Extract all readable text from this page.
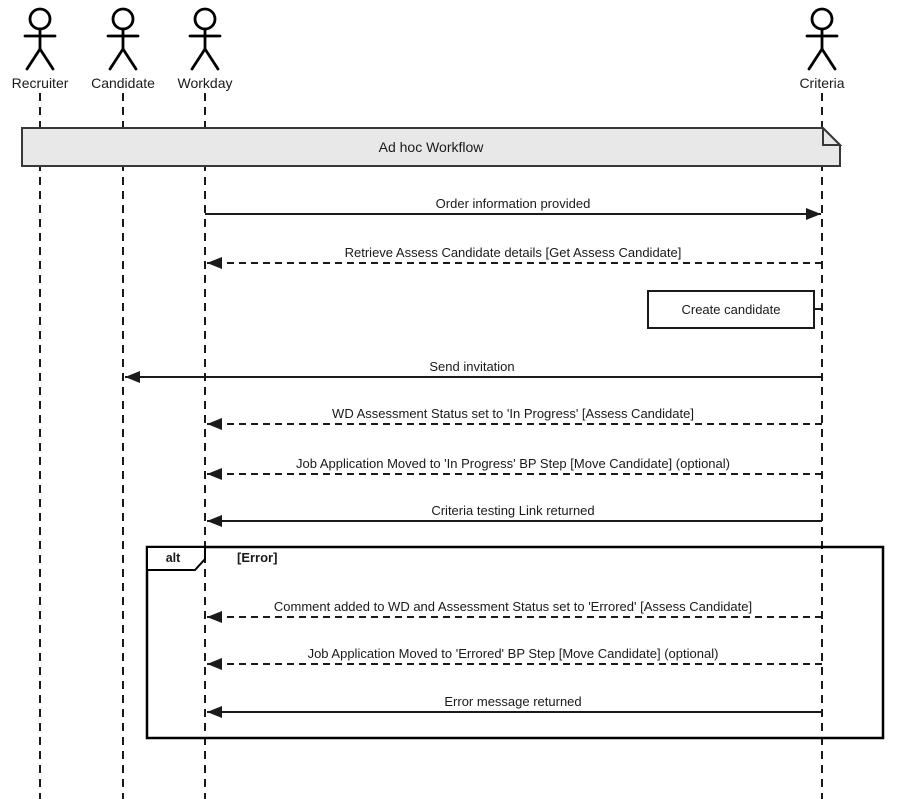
Recruiter Candidate Workday	Criteria
Ad hoc Workflow
Order information provided
Retrieve Assess Candidate details [Get Assess Candidate]
Send invitation
WD Assessment Status set to 'In Progress' [Assess Candidate]
Job Application Moved to 'In Progress' BP Step [Move Candidate] (optional)
Criteria testing Link returned
Comment added to WD and Assessment Status set to 'Errored' [Assess Candidate]
Job Application Moved to 'Errored' BP Step [Move Candidate] (optional)
Error message returned
Create candidate
alt	[Error]
